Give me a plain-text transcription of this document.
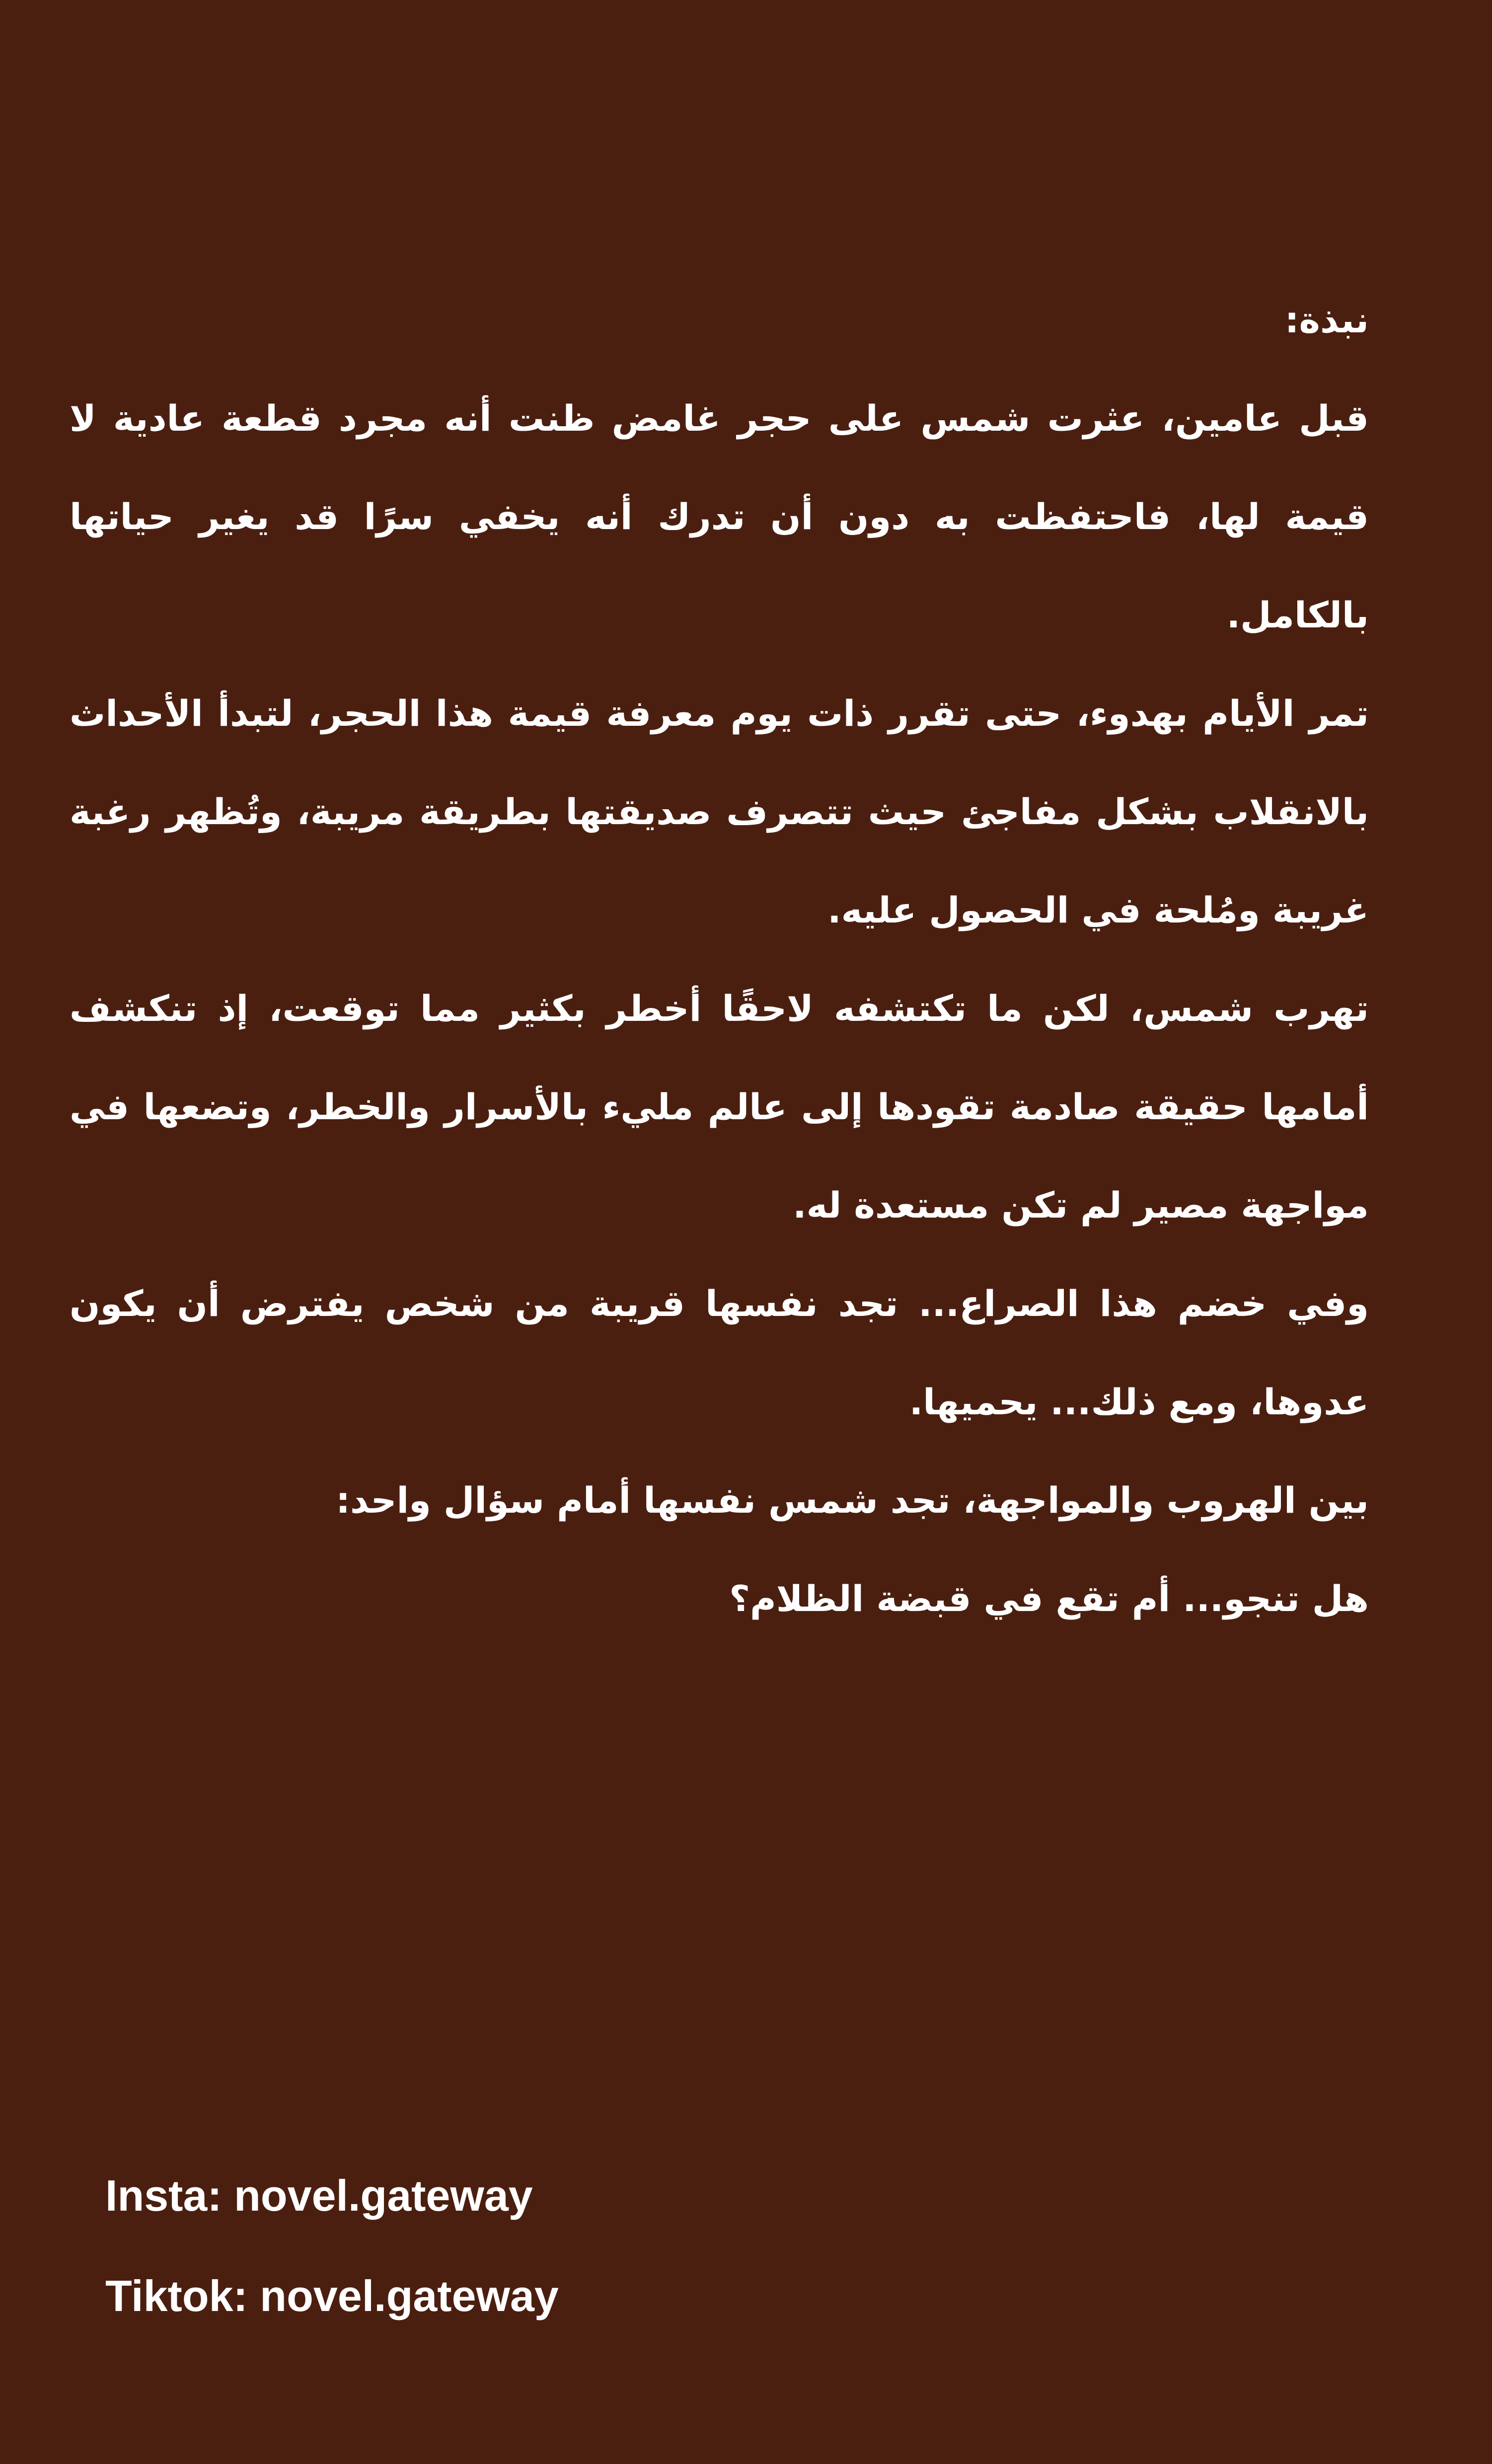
نبذة:

قبل عامين، عثرت شمس على حجر غامض ظنت أنه مجرد قطعة عادية لا قيمة لها، فاحتفظت به دون أن تدرك أنه يخفي سرًا قد يغير حياتها بالكامل.

تمر الأيام بهدوء، حتى تقرر ذات يوم معرفة قيمة هذا الحجر، لتبدأ الأحداث بالانقلاب بشكل مفاجئ حيث تتصرف صديقتها بطريقة مريبة، وتُظهر رغبة غريبة ومُلحة في الحصول عليه.

تهرب شمس، لكن ما تكتشفه لاحقًا أخطر بكثير مما توقعت، إذ تنكشف أمامها حقيقة صادمة تقودها إلى عالم مليء بالأسرار والخطر، وتضعها في مواجهة مصير لم تكن مستعدة له.

وفي خضم هذا الصراع... تجد نفسها قريبة من شخص يفترض أن يكون عدوها، ومع ذلك... يحميها.

بين الهروب والمواجهة، تجد شمس نفسها أمام سؤال واحد:

هل تنجو... أم تقع في قبضة الظلام؟

Insta: novel.gateway
Tiktok: novel.gateway
